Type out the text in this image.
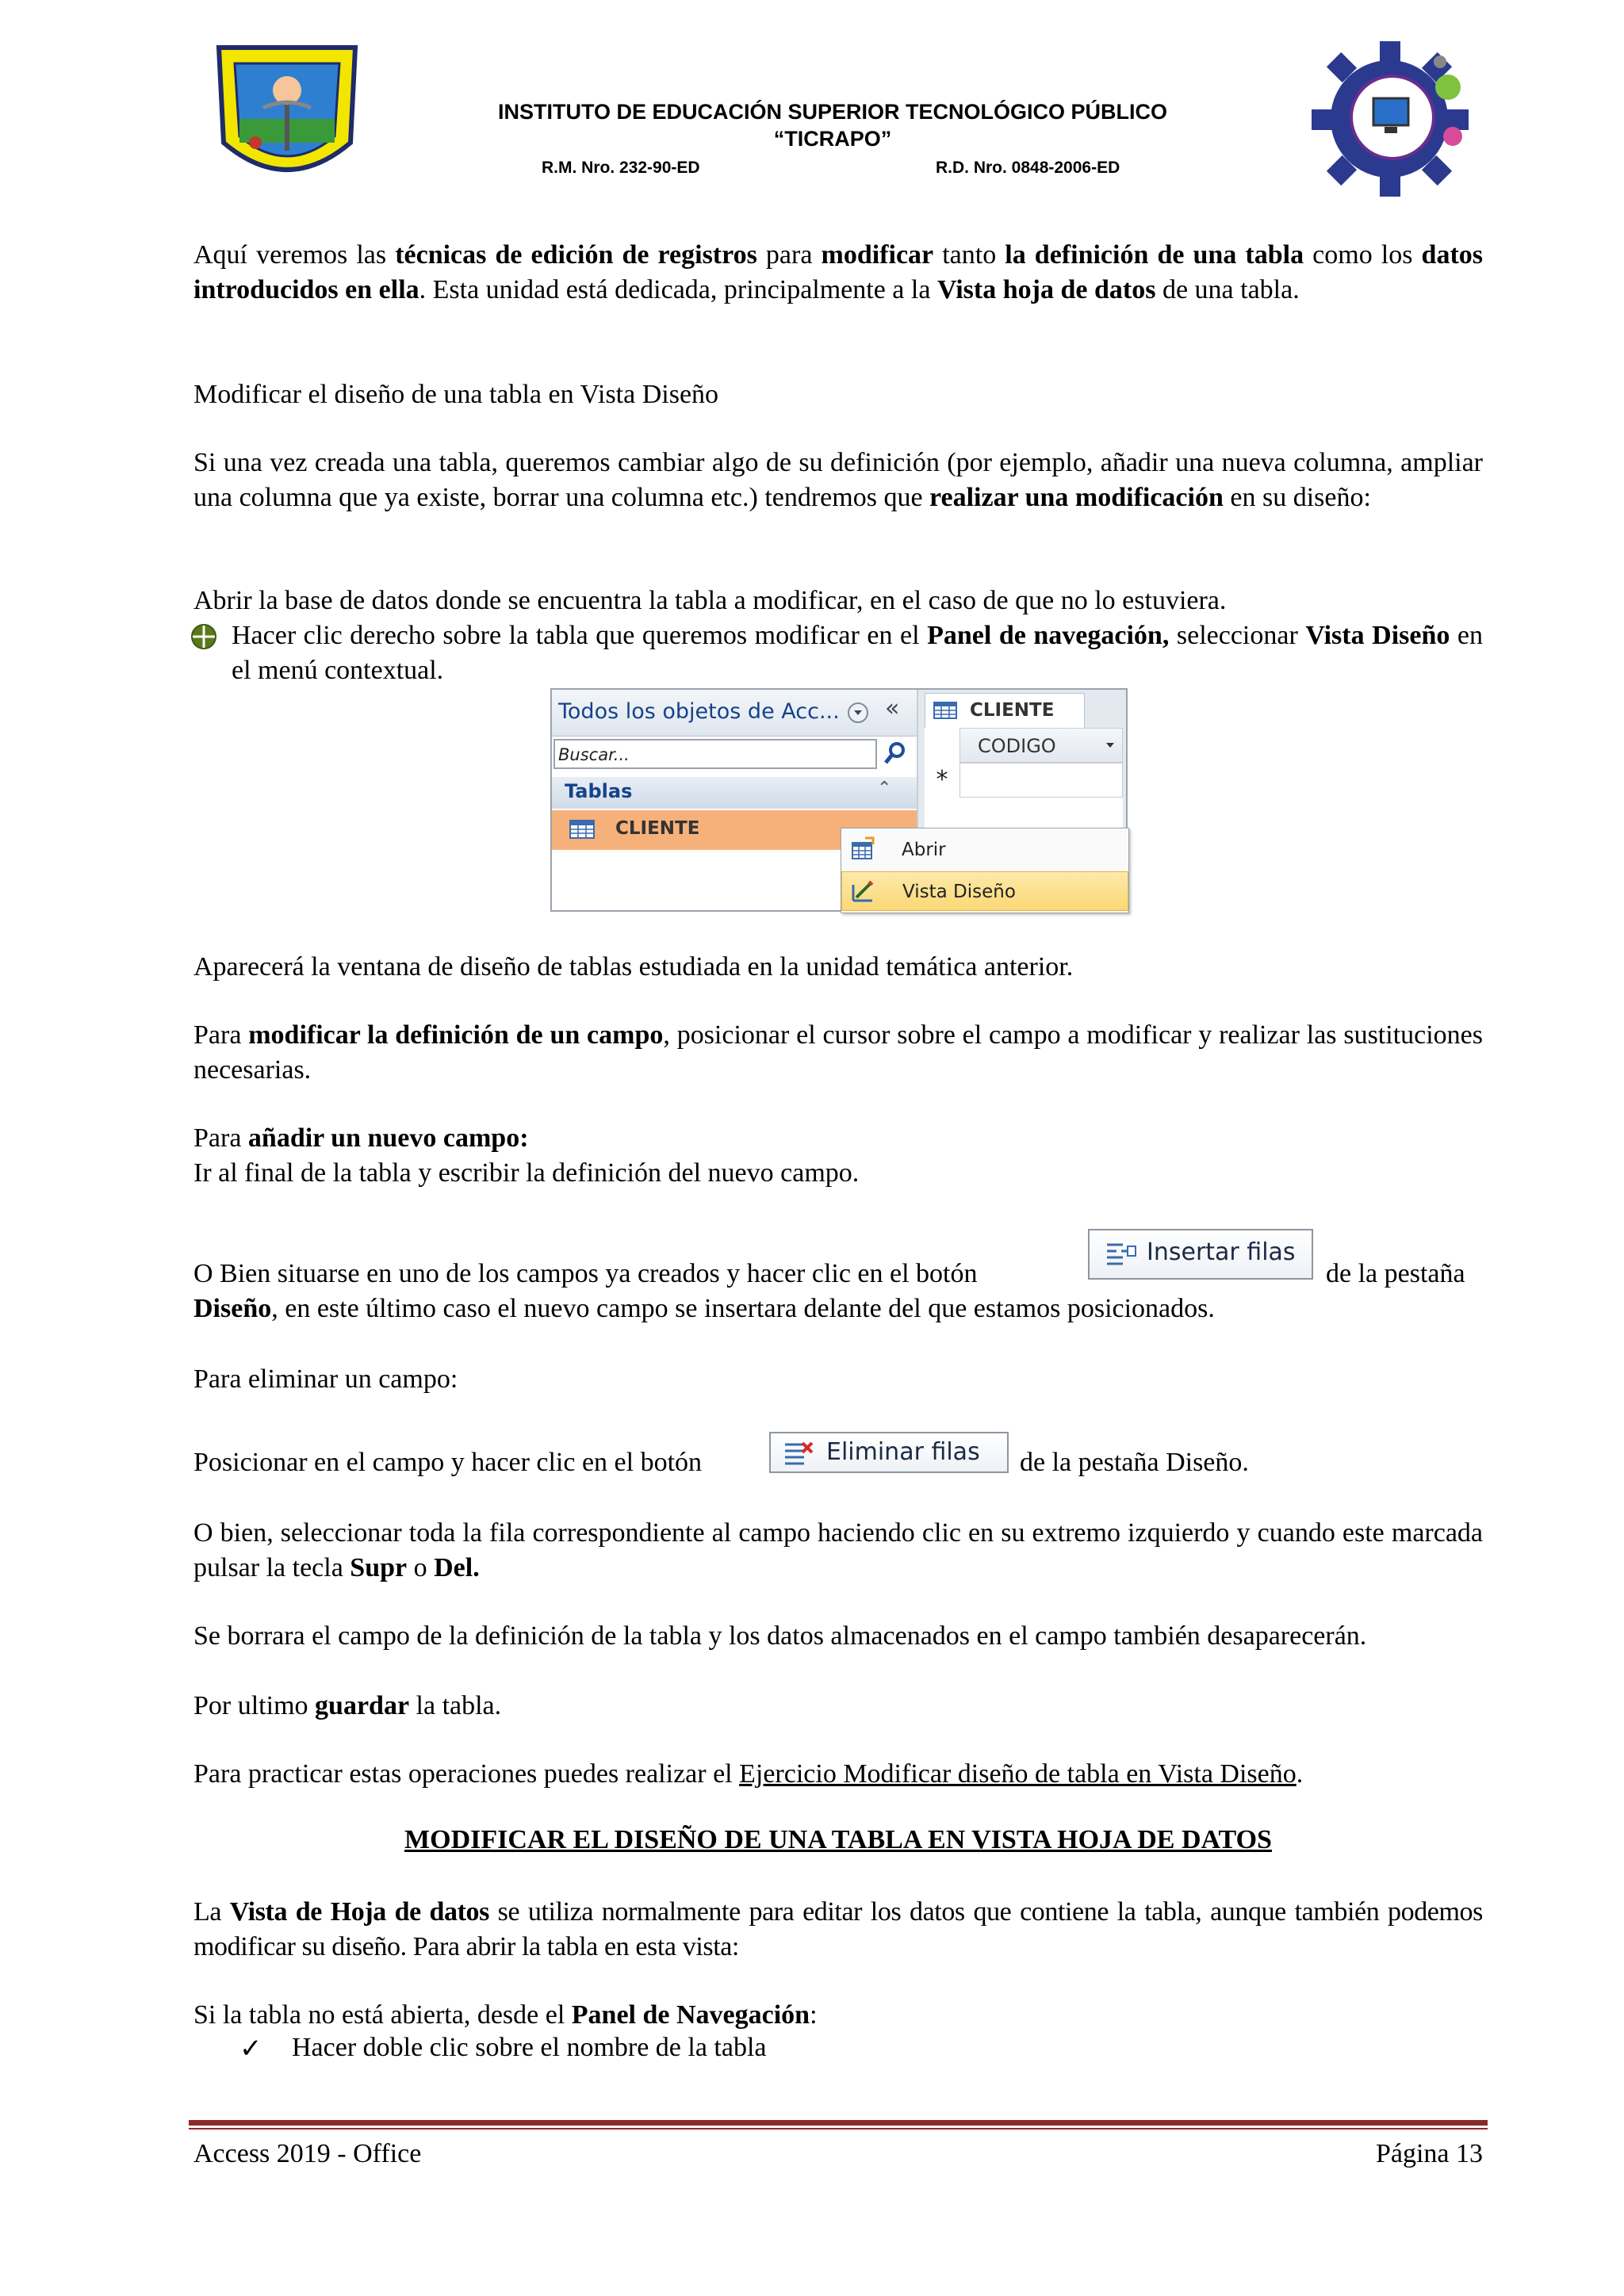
INSTITUTO DE EDUCACIÓN SUPERIOR TECNOLÓGICO PÚBLICO
“TICRAPO”
R.M. Nro. 232-90-ED	R.D. Nro. 0848-2006-ED
Aquí veremos las técnicas de edición de registros para modificar tanto la definición de una tabla como los datos introducidos en ella. Esta unidad está dedicada, principalmente a la Vista hoja de datos de una tabla.
Modificar el diseño de una tabla en Vista Diseño
Si una vez creada una tabla, queremos cambiar algo de su definición (por ejemplo, añadir una nueva columna, ampliar una columna que ya existe, borrar una columna etc.) tendremos que realizar una modificación en su diseño:
Abrir la base de datos donde se encuentra la tabla a modificar, en el caso de que no lo estuviera.
Hacer clic derecho sobre la tabla que queremos modificar en el Panel de navegación, seleccionar Vista Diseño en el menú contextual.
Todos los objetos de Acc... «
Buscar...
Tablas	⌃
CLIENTE
CLIENTE
CODIGO
*
Abrir
Vista Diseño
Aparecerá la ventana de diseño de tablas estudiada en la unidad temática anterior.
Para modificar la definición de un campo, posicionar el cursor sobre el campo a modificar y realizar las sustituciones necesarias.
Para añadir un nuevo campo:
Ir al final de la tabla y escribir la definición del nuevo campo.
O Bien situarse en uno de los campos ya creados y hacer clic en el botón
Insertar filas
de la pestaña
Diseño, en este último caso el nuevo campo se insertara delante del que estamos posicionados.
Para eliminar un campo:
Posicionar en el campo y hacer clic en el botón	Eliminar filas de la pestaña Diseño.
O bien, seleccionar toda la fila correspondiente al campo haciendo clic en su extremo izquierdo y cuando este marcada pulsar la tecla Supr o Del.
Se borrara el campo de la definición de la tabla y los datos almacenados en el campo también desaparecerán.
Por ultimo guardar la tabla.
Para practicar estas operaciones puedes realizar el Ejercicio Modificar diseño de tabla en Vista Diseño.
MODIFICAR EL DISEÑO DE UNA TABLA EN VISTA HOJA DE DATOS
La Vista de Hoja de datos se utiliza normalmente para editar los datos que contiene la tabla, aunque también podemos modificar su diseño. Para abrir la tabla en esta vista:
Si la tabla no está abierta, desde el Panel de Navegación:
✓ Hacer doble clic sobre el nombre de la tabla
Access 2019 - Office	Página 13
